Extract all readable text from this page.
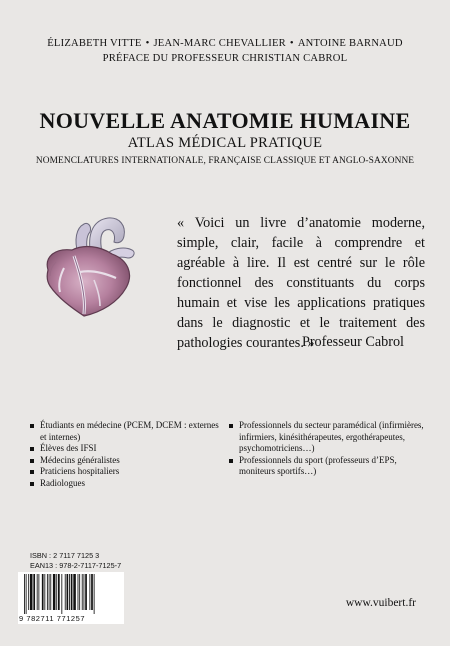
ÉLIZABETH VITTE • JEAN-MARC CHEVALLIER • ANTOINE BARNAUD
PRÉFACE DU PROFESSEUR CHRISTIAN CABROL
NOUVELLE ANATOMIE HUMAINE
ATLAS MÉDICAL PRATIQUE
NOMENCLATURES INTERNATIONALE, FRANÇAISE CLASSIQUE ET ANGLO-SAXONNE

« Voici un livre d’anatomie moderne, simple, clair, facile à comprendre et agréable à lire. Il est centré sur le rôle fonctionnel des constituants du corps humain et vise les applications pratiques dans le diagnostic et le traitement des pathologies courantes. »

Professeur Cabrol
Étudiants en médecine (PCEM, DCEM : externes et internes)
Élèves des IFSI
Médecins généralistes
Praticiens hospitaliers
Radiologues
Professionnels du secteur paramédical (infirmières, infirmiers, kinésithérapeutes, ergothérapeutes, psychomotriciens…)
Professionnels du sport (professeurs d’EPS, moniteurs sportifs…)
ISBN : 2 7117 7125 3
EAN13 : 978-2-7117-7125-7
9 782711 771257
www.vuibert.fr
